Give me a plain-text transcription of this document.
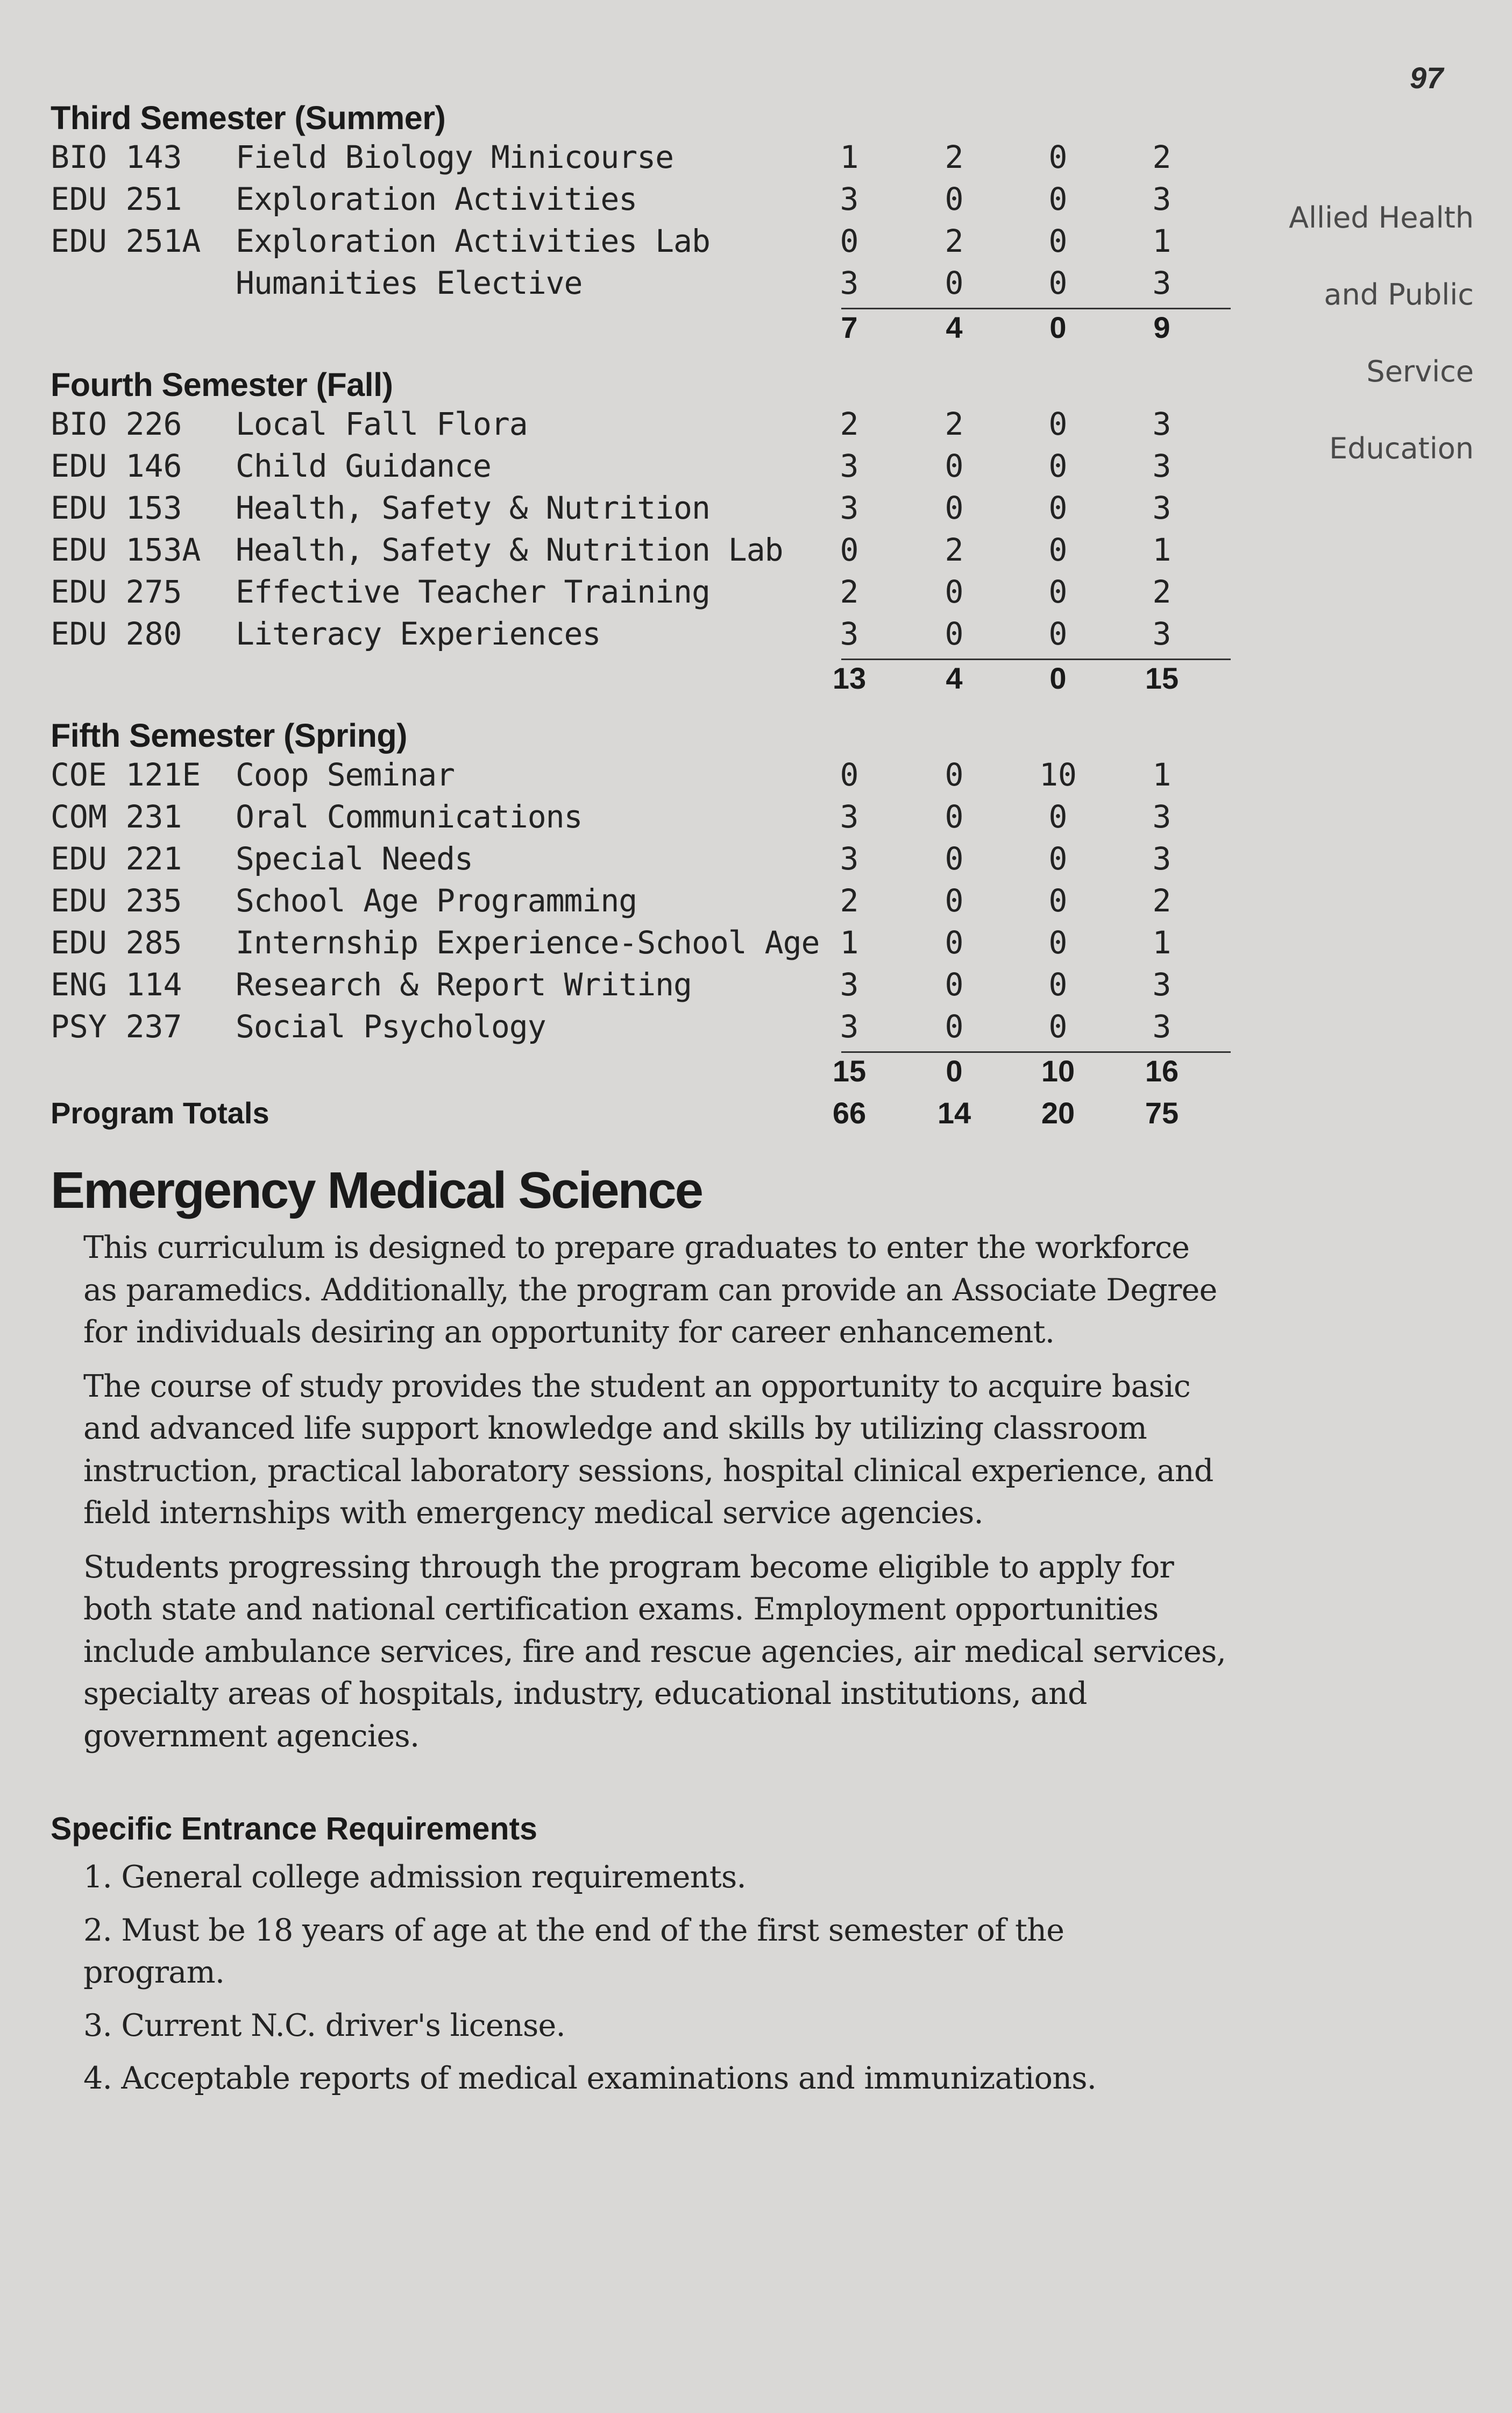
97
Allied Health
and Public
Service
Education
Third Semester (Summer)
BIO 143	Field Biology Minicourse	1	2	0	2
EDU 251	Exploration Activities	3	0	0	3
EDU 251A	Exploration Activities Lab	0	2	0	1
Humanities Elective	3	0	0	3
7	4	0	9
Fourth Semester (Fall)
BIO 226	Local Fall Flora	2	2	0	3
EDU 146	Child Guidance	3	0	0	3
EDU 153	Health, Safety & Nutrition	3	0	0	3
EDU 153A	Health, Safety & Nutrition Lab	0	2	0	1
EDU 275	Effective Teacher Training	2	0	0	2
EDU 280	Literacy Experiences	3	0	0	3
13	4	0	15
Fifth Semester (Spring)
COE 121E	Coop Seminar	0	0	10	1
COM 231	Oral Communications	3	0	0	3
EDU 221	Special Needs	3	0	0	3
EDU 235	School Age Programming	2	0	0	2
EDU 285	Internship Experience-School Age 1	0	0	1
ENG 114	Research & Report Writing	3	0	0	3
PSY 237	Social Psychology	3	0	0	3
15	0	10	16
Program Totals	66	14	20	75
Emergency Medical Science
This curriculum is designed to prepare graduates to enter the workforce as paramedics. Additionally, the program can provide an Associate Degree for individuals desiring an opportunity for career enhancement.
The course of study provides the student an opportunity to acquire basic and advanced life support knowledge and skills by utilizing classroom instruction, practical laboratory sessions, hospital clinical experience, and field internships with emergency medical service agencies.
Students progressing through the program become eligible to apply for both state and national certification exams. Employment opportunities include ambulance services, fire and rescue agencies, air medical services, specialty areas of hospitals, industry, educational institutions, and government agencies.
Specific Entrance Requirements
1. General college admission requirements.
2. Must be 18 years of age at the end of the first semester of the program.
3. Current N.C. driver's license.
4. Acceptable reports of medical examinations and immunizations.
